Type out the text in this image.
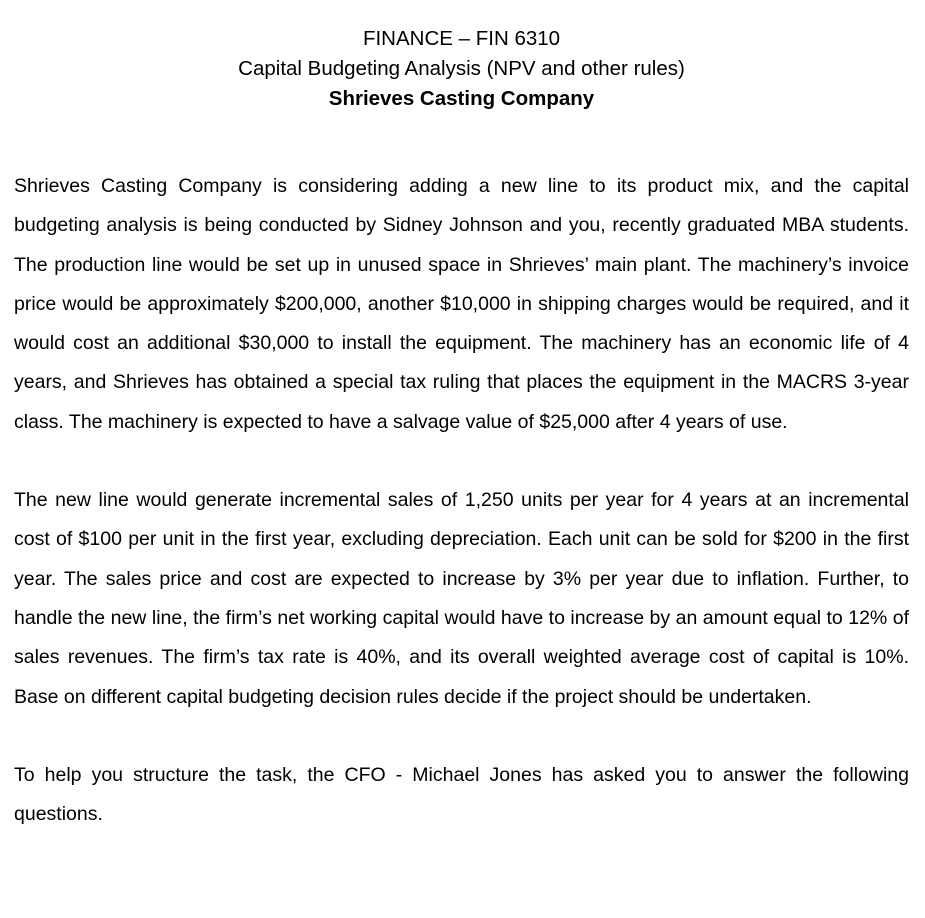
FINANCE – FIN 6310
Capital Budgeting Analysis (NPV and other rules)
Shrieves Casting Company

Shrieves Casting Company is considering adding a new line to its product mix, and the capital budgeting analysis is being conducted by Sidney Johnson and you, recently graduated MBA students. The production line would be set up in unused space in Shrieves’ main plant. The machinery’s invoice price would be approximately $200,000, another $10,000 in shipping charges would be required, and it would cost an additional $30,000 to install the equipment. The machinery has an economic life of 4 years, and Shrieves has obtained a special tax ruling that places the equipment in the MACRS 3-year class. The machinery is expected to have a salvage value of $25,000 after 4 years of use.

The new line would generate incremental sales of 1,250 units per year for 4 years at an incremental cost of $100 per unit in the first year, excluding depreciation. Each unit can be sold for $200 in the first year. The sales price and cost are expected to increase by 3% per year due to inflation. Further, to handle the new line, the firm’s net working capital would have to increase by an amount equal to 12% of sales revenues. The firm’s tax rate is 40%, and its overall weighted average cost of capital is 10%. Base on different capital budgeting decision rules decide if the project should be undertaken.

To help you structure the task, the CFO - Michael Jones has asked you to answer the following questions.
